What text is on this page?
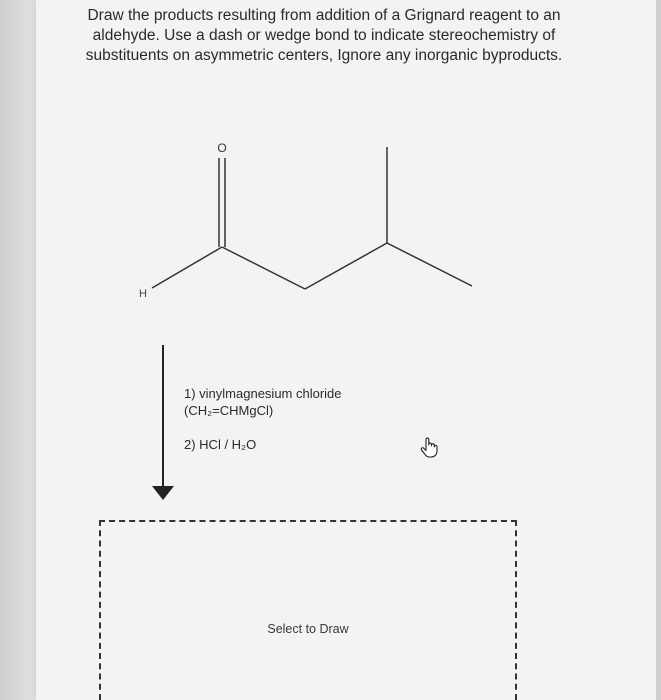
Draw the products resulting from addition of a Grignard reagent to an
aldehyde. Use a dash or wedge bond to indicate stereochemistry of
substituents on asymmetric centers, Ignore any inorganic byproducts.
O
H
1) vinylmagnesium chloride
(CH₂=CHMgCl)
2) HCl / H₂O
Select to Draw
